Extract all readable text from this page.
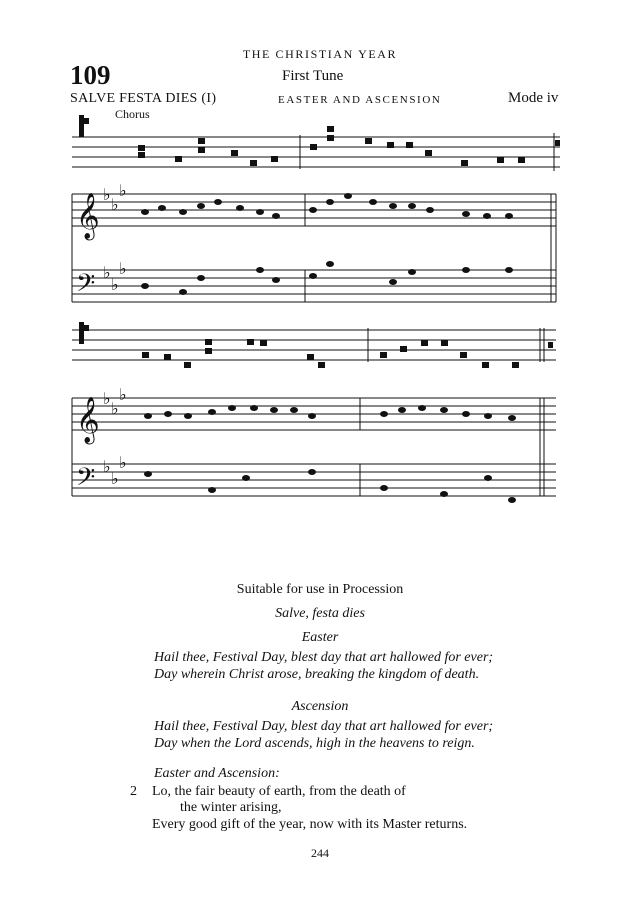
THE CHRISTIAN YEAR
109	First Tune
SALVE FESTA DIES (I)	EASTER AND ASCENSION	Mode iv
Chorus
𝄞
𝄢
𝄞
𝄢
♭
♭
♭
♭
♭
♭
♭
♭
♭
♭
♭
♭
Suitable for use in Procession
Salve, festa dies
Easter
Hail thee, Festival Day, blest day that art hallowed for ever;
Day wherein Christ arose, breaking the kingdom of death.
Ascension
Hail thee, Festival Day, blest day that art hallowed for ever;
Day when the Lord ascends, high in the heavens to reign.
Easter and Ascension:
2 Lo, the fair beauty of earth, from the death of
the winter arising,
Every good gift of the year, now with its Master returns.
244
